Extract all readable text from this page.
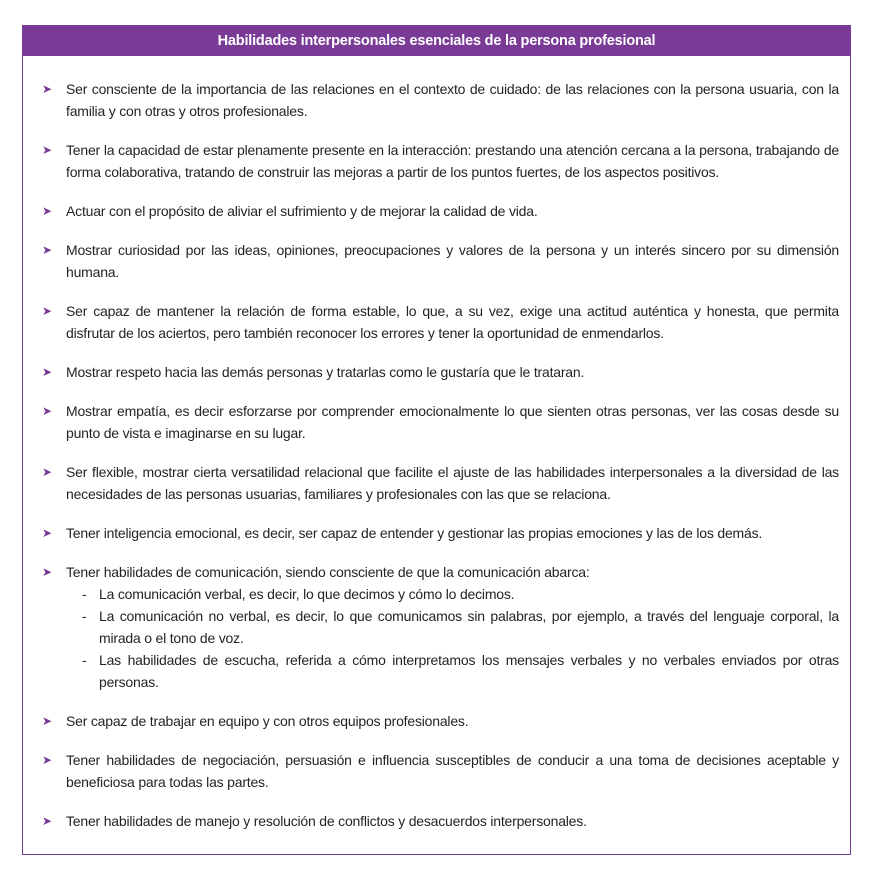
Habilidades interpersonales esenciales de la persona profesional
➤	Ser consciente de la importancia de las relaciones en el contexto de cuidado: de las relaciones con la persona usuaria, con la familia y con otras y otros profesionales.

➤	Tener la capacidad de estar plenamente presente en la interacción: prestando una atención cercana a la persona, trabajando de forma colaborativa, tratando de construir las mejoras a partir de los puntos fuertes, de los aspectos positivos.

➤	Actuar con el propósito de aliviar el sufrimiento y de mejorar la calidad de vida.

➤	Mostrar curiosidad por las ideas, opiniones, preocupaciones y valores de la persona y un interés sincero por su dimensión humana.

➤	Ser capaz de mantener la relación de forma estable, lo que, a su vez, exige una actitud auténtica y honesta, que permita disfrutar de los aciertos, pero también reconocer los errores y tener la oportunidad de enmendarlos.

➤	Mostrar respeto hacia las demás personas y tratarlas como le gustaría que le trataran.

➤	Mostrar empatía, es decir esforzarse por comprender emocionalmente lo que sienten otras personas, ver las cosas desde su punto de vista e imaginarse en su lugar.

➤	Ser flexible, mostrar cierta versatilidad relacional que facilite el ajuste de las habilidades interpersonales a la diversidad de las necesidades de las personas usuarias, familiares y profesionales con las que se relaciona.

➤	Tener inteligencia emocional, es decir, ser capaz de entender y gestionar las propias emociones y las de los demás.

➤	Tener habilidades de comunicación, siendo consciente de que la comunicación abarca:

- La comunicación verbal, es decir, lo que decimos y cómo lo decimos.

- La comunicación no verbal, es decir, lo que comunicamos sin palabras, por ejemplo, a través del lenguaje corporal, la mirada o el tono de voz.

- Las habilidades de escucha, referida a cómo interpretamos los mensajes verbales y no verbales enviados por otras personas.

➤	Ser capaz de trabajar en equipo y con otros equipos profesionales.

➤	Tener habilidades de negociación, persuasión e influencia susceptibles de conducir a una toma de decisiones aceptable y beneficiosa para todas las partes.

➤	Tener habilidades de manejo y resolución de conflictos y desacuerdos interpersonales.
